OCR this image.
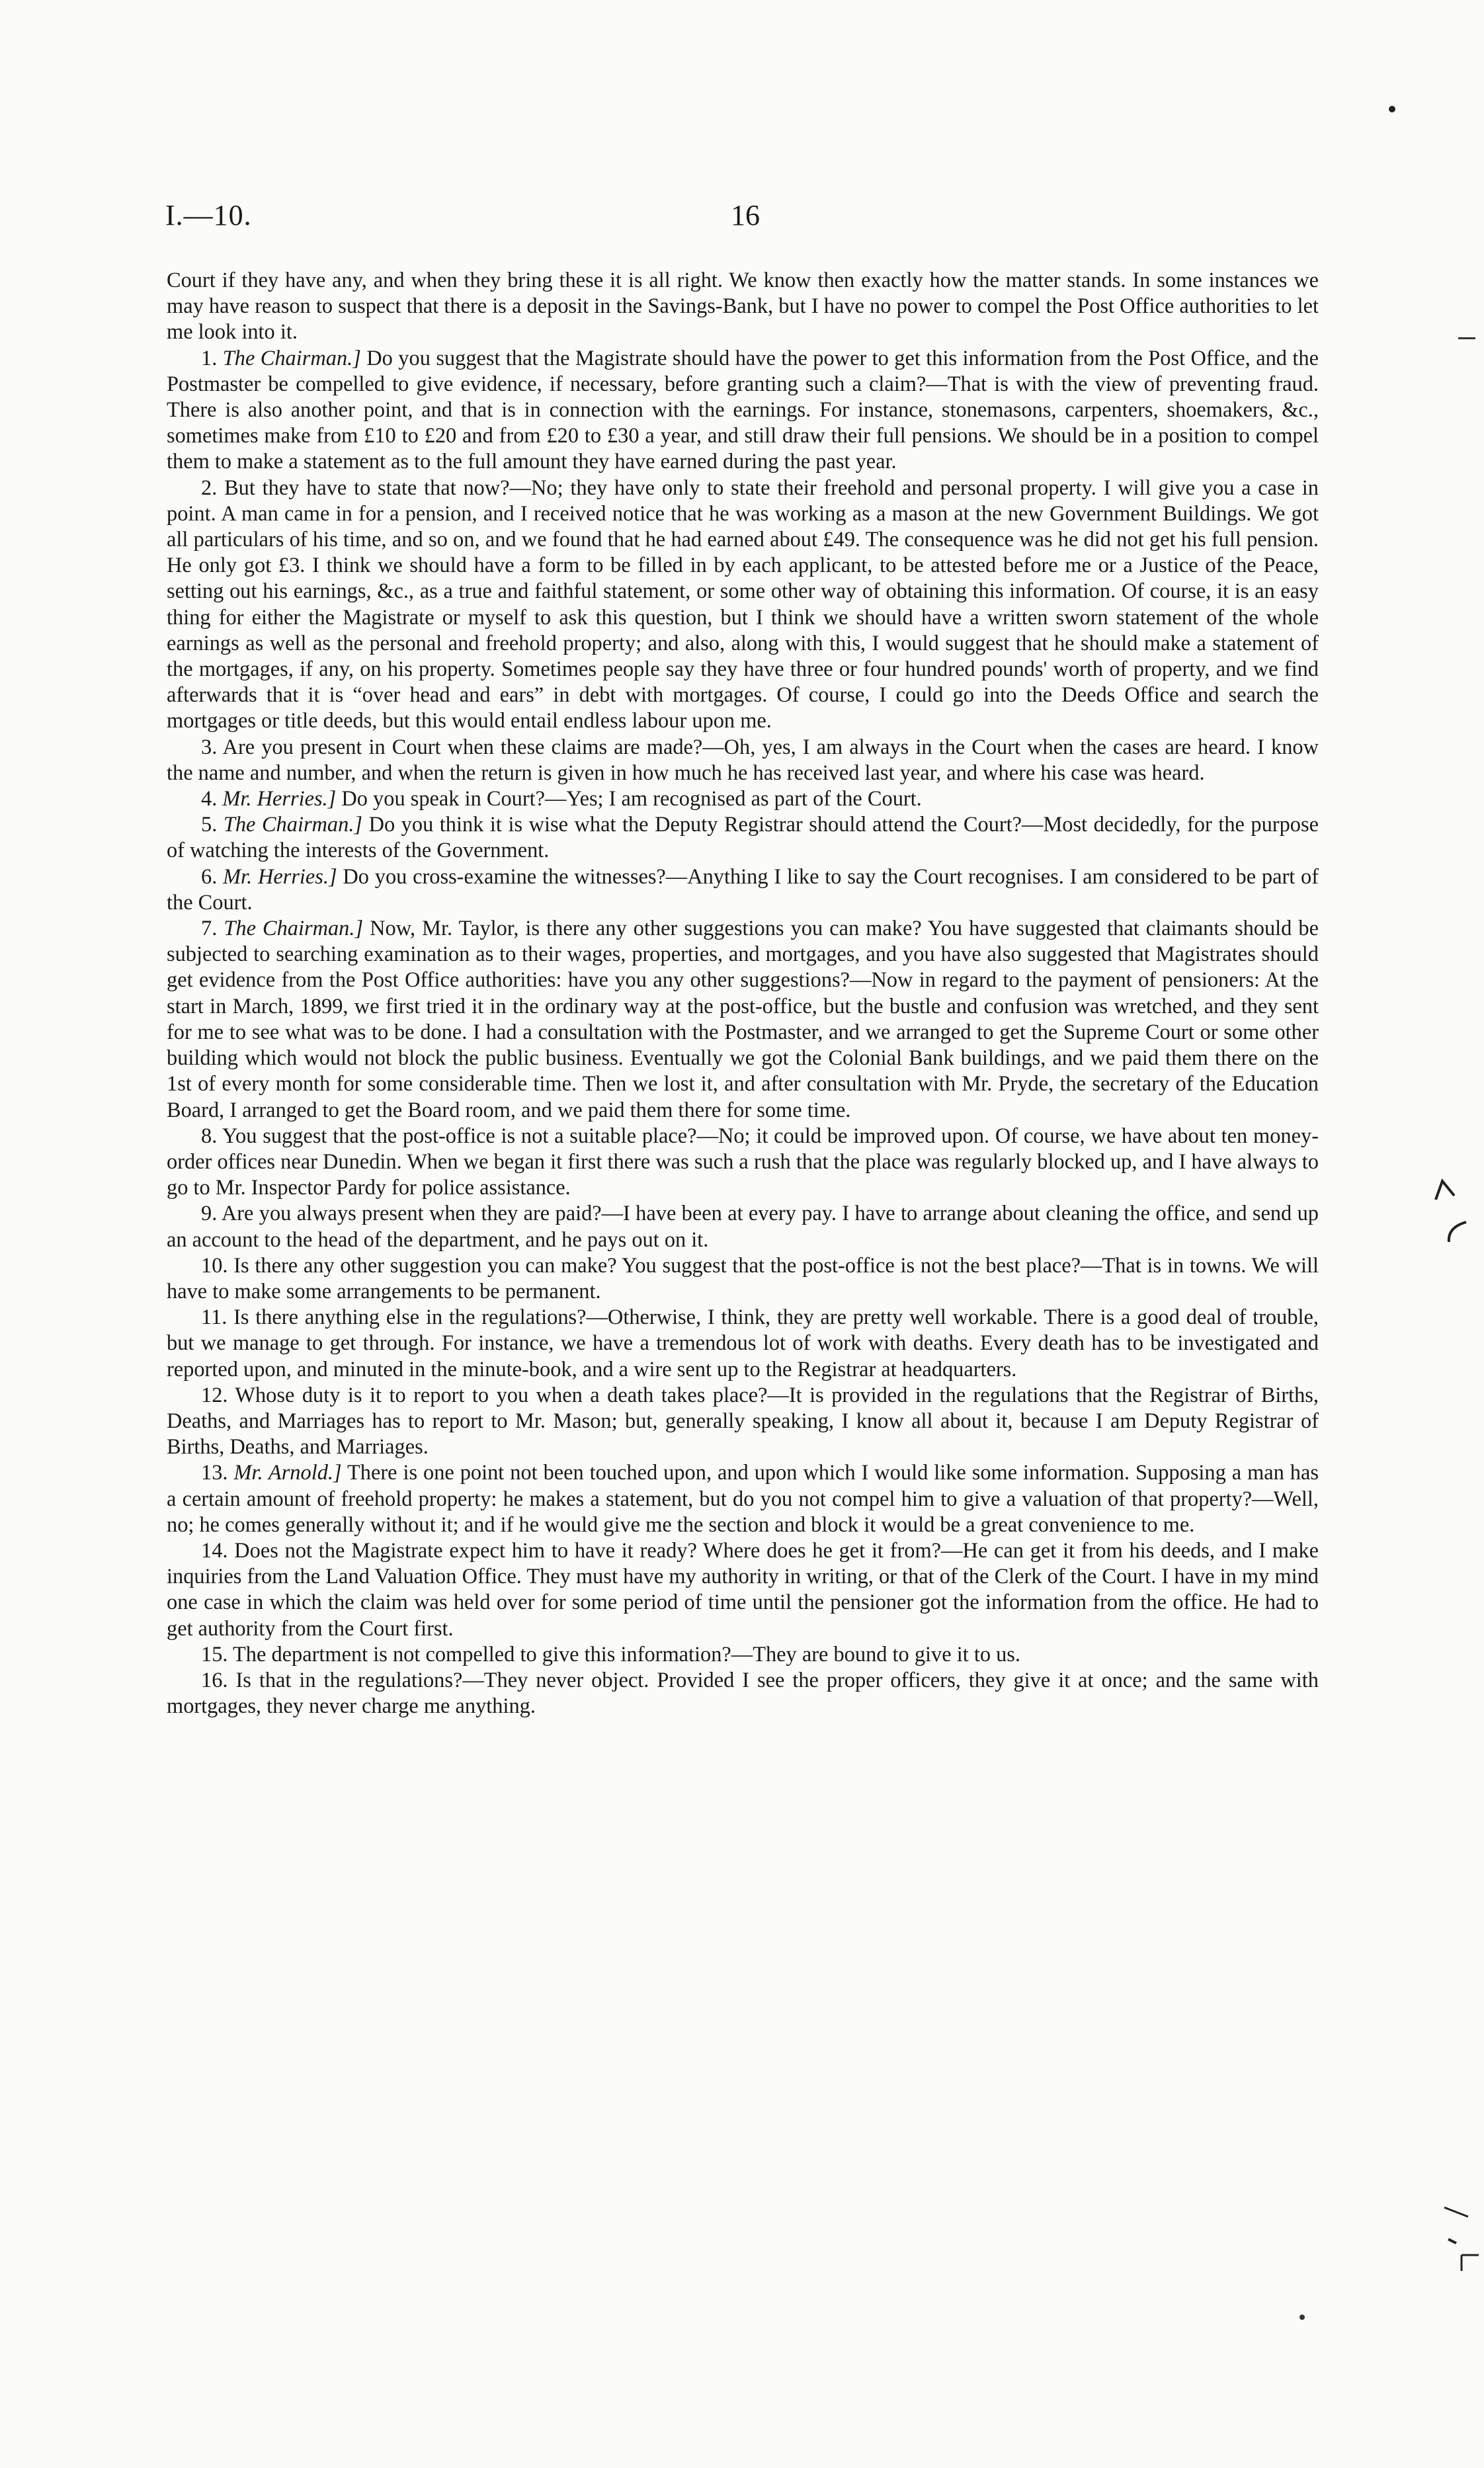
I.—10.	16

Court if they have any, and when they bring these it is all right. We know then exactly how the matter stands. In some instances we may have reason to suspect that there is a deposit in the Savings-Bank, but I have no power to compel the Post Office authorities to let me look into it.

1. The Chairman.] Do you suggest that the Magistrate should have the power to get this information from the Post Office, and the Postmaster be compelled to give evidence, if necessary, before granting such a claim?—That is with the view of preventing fraud. There is also another point, and that is in connection with the earnings. For instance, stonemasons, carpenters, shoemakers, &c., sometimes make from £10 to £20 and from £20 to £30 a year, and still draw their full pensions. We should be in a position to compel them to make a statement as to the full amount they have earned during the past year.

2. But they have to state that now?—No; they have only to state their freehold and personal property. I will give you a case in point. A man came in for a pension, and I received notice that he was working as a mason at the new Government Buildings. We got all particulars of his time, and so on, and we found that he had earned about £49. The consequence was he did not get his full pension. He only got £3. I think we should have a form to be filled in by each applicant, to be attested before me or a Justice of the Peace, setting out his earnings, &c., as a true and faithful statement, or some other way of obtaining this information. Of course, it is an easy thing for either the Magistrate or myself to ask this question, but I think we should have a written sworn statement of the whole earnings as well as the personal and freehold property; and also, along with this, I would suggest that he should make a statement of the mortgages, if any, on his property. Sometimes people say they have three or four hundred pounds' worth of property, and we find afterwards that it is “over head and ears” in debt with mortgages. Of course, I could go into the Deeds Office and search the mortgages or title deeds, but this would entail endless labour upon me.

3. Are you present in Court when these claims are made?—Oh, yes, I am always in the Court when the cases are heard. I know the name and number, and when the return is given in how much he has received last year, and where his case was heard.

4. Mr. Herries.] Do you speak in Court?—Yes; I am recognised as part of the Court.

5. The Chairman.] Do you think it is wise what the Deputy Registrar should attend the Court?—Most decidedly, for the purpose of watching the interests of the Government.

6. Mr. Herries.] Do you cross-examine the witnesses?—Anything I like to say the Court recognises. I am considered to be part of the Court.

7. The Chairman.] Now, Mr. Taylor, is there any other suggestions you can make? You have suggested that claimants should be subjected to searching examination as to their wages, properties, and mortgages, and you have also suggested that Magistrates should get evidence from the Post Office authorities: have you any other suggestions?—Now in regard to the payment of pensioners: At the start in March, 1899, we first tried it in the ordinary way at the post-office, but the bustle and confusion was wretched, and they sent for me to see what was to be done. I had a consultation with the Postmaster, and we arranged to get the Supreme Court or some other building which would not block the public business. Eventually we got the Colonial Bank buildings, and we paid them there on the 1st of every month for some considerable time. Then we lost it, and after consultation with Mr. Pryde, the secretary of the Education Board, I arranged to get the Board room, and we paid them there for some time.

8. You suggest that the post-office is not a suitable place?—No; it could be improved upon. Of course, we have about ten money-order offices near Dunedin. When we began it first there was such a rush that the place was regularly blocked up, and I have always to go to Mr. Inspector Pardy for police assistance.

9. Are you always present when they are paid?—I have been at every pay. I have to arrange about cleaning the office, and send up an account to the head of the department, and he pays out on it.

10. Is there any other suggestion you can make? You suggest that the post-office is not the best place?—That is in towns. We will have to make some arrangements to be permanent.

11. Is there anything else in the regulations?—Otherwise, I think, they are pretty well workable. There is a good deal of trouble, but we manage to get through. For instance, we have a tremendous lot of work with deaths. Every death has to be investigated and reported upon, and minuted in the minute-book, and a wire sent up to the Registrar at headquarters.

12. Whose duty is it to report to you when a death takes place?—It is provided in the regulations that the Registrar of Births, Deaths, and Marriages has to report to Mr. Mason; but, generally speaking, I know all about it, because I am Deputy Registrar of Births, Deaths, and Marriages.

13. Mr. Arnold.] There is one point not been touched upon, and upon which I would like some information. Supposing a man has a certain amount of freehold property: he makes a statement, but do you not compel him to give a valuation of that property?—Well, no; he comes generally without it; and if he would give me the section and block it would be a great convenience to me.

14. Does not the Magistrate expect him to have it ready? Where does he get it from?—He can get it from his deeds, and I make inquiries from the Land Valuation Office. They must have my authority in writing, or that of the Clerk of the Court. I have in my mind one case in which the claim was held over for some period of time until the pensioner got the information from the office. He had to get authority from the Court first.

15. The department is not compelled to give this information?—They are bound to give it to us.

16. Is that in the regulations?—They never object. Provided I see the proper officers, they give it at once; and the same with mortgages, they never charge me anything.
